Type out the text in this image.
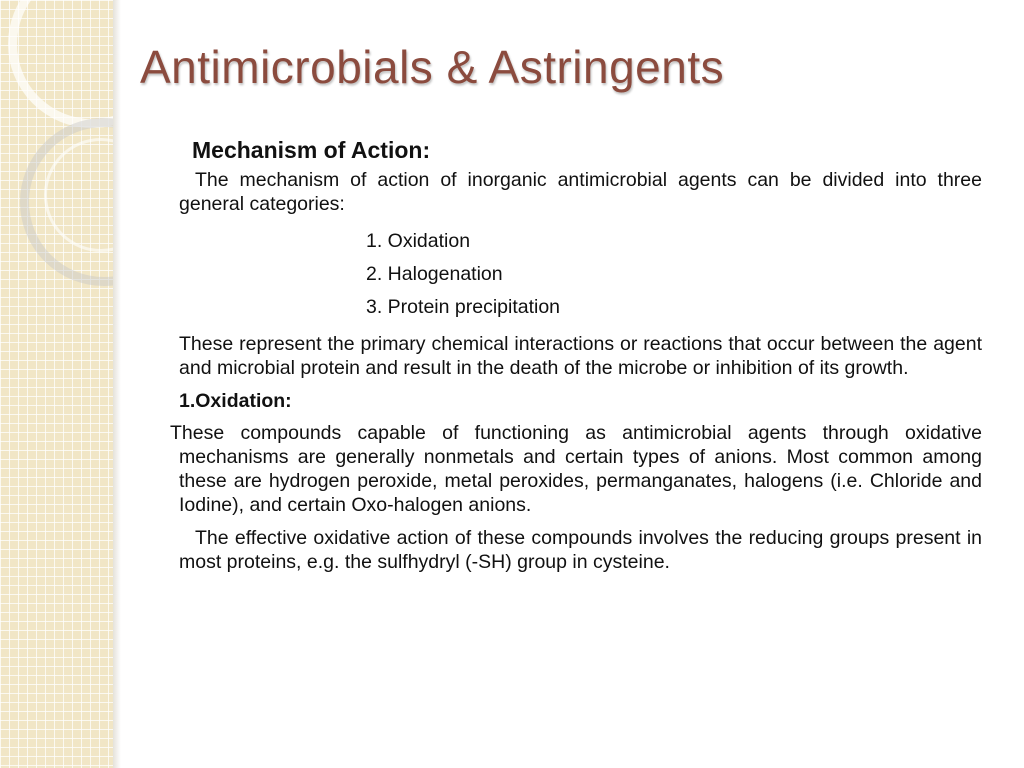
Antimicrobials & Astringents
Mechanism of Action:

The mechanism of action of inorganic antimicrobial agents can be divided into three general categories:

1. Oxidation
2. Halogenation
3. Protein precipitation

These represent the primary chemical interactions or reactions that occur between the agent and microbial protein and result in the death of the microbe or inhibition of its growth.

1.Oxidation:

These compounds capable of functioning as antimicrobial agents through oxidative mechanisms are generally nonmetals and certain types of anions. Most common among these are hydrogen peroxide, metal peroxides, permanganates, halogens (i.e. Chloride and Iodine), and certain Oxo-halogen anions.

The effective oxidative action of these compounds involves the reducing groups present in most proteins, e.g. the sulfhydryl (-SH) group in cysteine.
